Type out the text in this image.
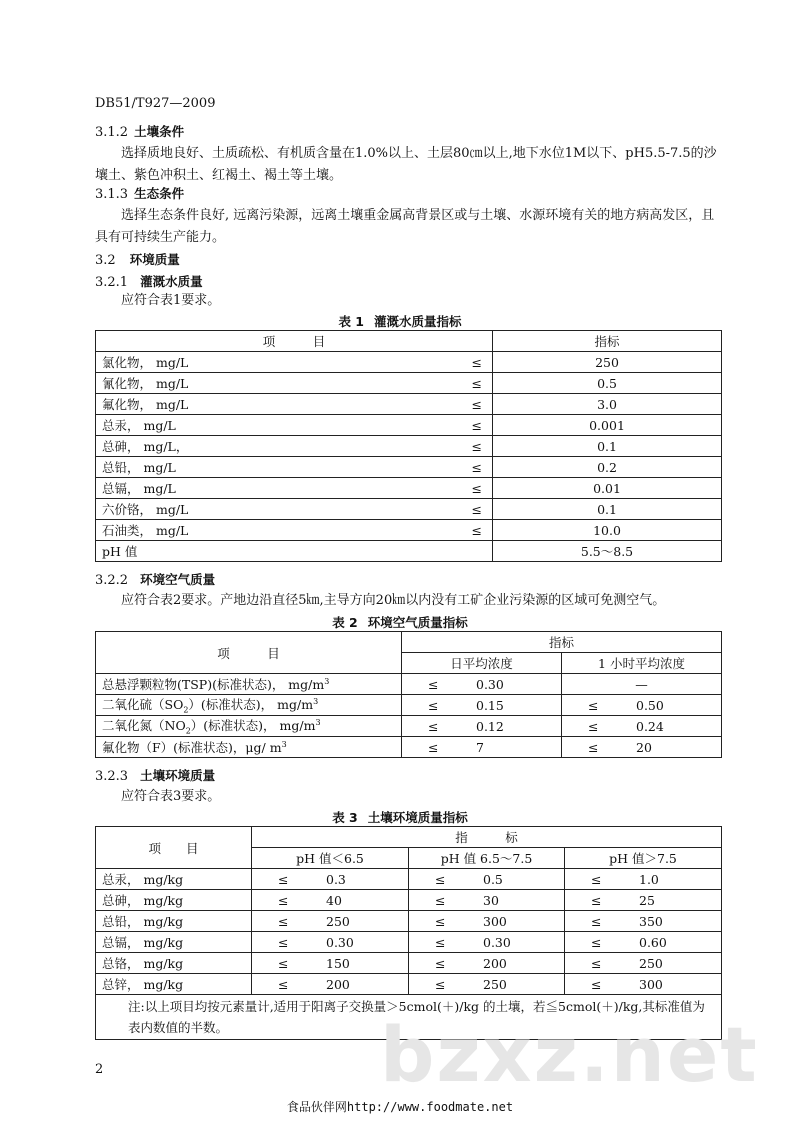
DB51/T927—2009
3.1.2 土壤条件
选择质地良好、土质疏松、有机质含量在1.0%以上、土层80㎝以上,地下水位1M以下、pH5.5-7.5的沙壤土、紫色冲积土、红褐土、褐土等土壤。
3.1.3 生态条件
选择生态条件良好, 远离污染源，远离土壤重金属高背景区或与土壤、水源环境有关的地方病高发区，且具有可持续生产能力。
3.2 环境质量
3.2.1 灌溉水质量
应符合表1要求。
表 1 灌溉水质量指标
项　　　目		指标
氯化物， mg/L	≤	250
氰化物， mg/L	≤	0.5
氟化物， mg/L	≤	3.0
总汞， mg/L	≤	0.001
总砷， mg/L，	≤	0.1
总铅， mg/L	≤	0.2
总镉， mg/L	≤	0.01
六价铬， mg/L	≤	0.1
石油类， mg/L	≤	10.0
pH 值		5.5～8.5
3.2.2 环境空气质量
应符合表2要求。产地边沿直径5㎞,主导方向20㎞以内没有工矿企业污染源的区域可免测空气。
表 2 环境空气质量指标
项　　　目	指标	
	日平均浓度	1 小时平均浓度
总悬浮颗粒物(TSP)(标准状态)， $mg/m^3$	≤ 0.30	—
二氧化硫$(SO_2)$(标准状态)， $mg/m^3$	≤ 0.15	≤ 0.50
二氧化氮$(NO_2)$(标准状态)， $mg/m^3$	≤ 0.12	≤ 0.24
氟化物（F）(标准状态)，μg/ $m^3$	≤ 7	≤ 20
3.2.3 土壤环境质量
应符合表3要求。
表 3 土壤环境质量指标
项　　目	指　　　标		
	pH 值＜6.5	pH 值 6.5～7.5	pH 值＞7.5
总汞， mg/kg	≤ 0.3	≤ 0.5	≤ 1.0
总砷， mg/kg	≤ 40	≤ 30	≤ 25
总铅， mg/kg	≤ 250	≤ 300	≤ 350
总镉， mg/kg	≤ 0.30	≤ 0.30	≤ 0.60
总铬， mg/kg	≤ 150	≤ 200	≤ 250
总锌， mg/kg	≤ 200	≤ 250	≤ 300
注:以上项目均按元素量计,适用于阳离子交换量＞5cmol(＋)/kg 的土壤，若≦5cmol(＋)/kg,其标准值为表内数值的半数。			bzxz.net
2
食品伙伴网http://www.foodmate.net
